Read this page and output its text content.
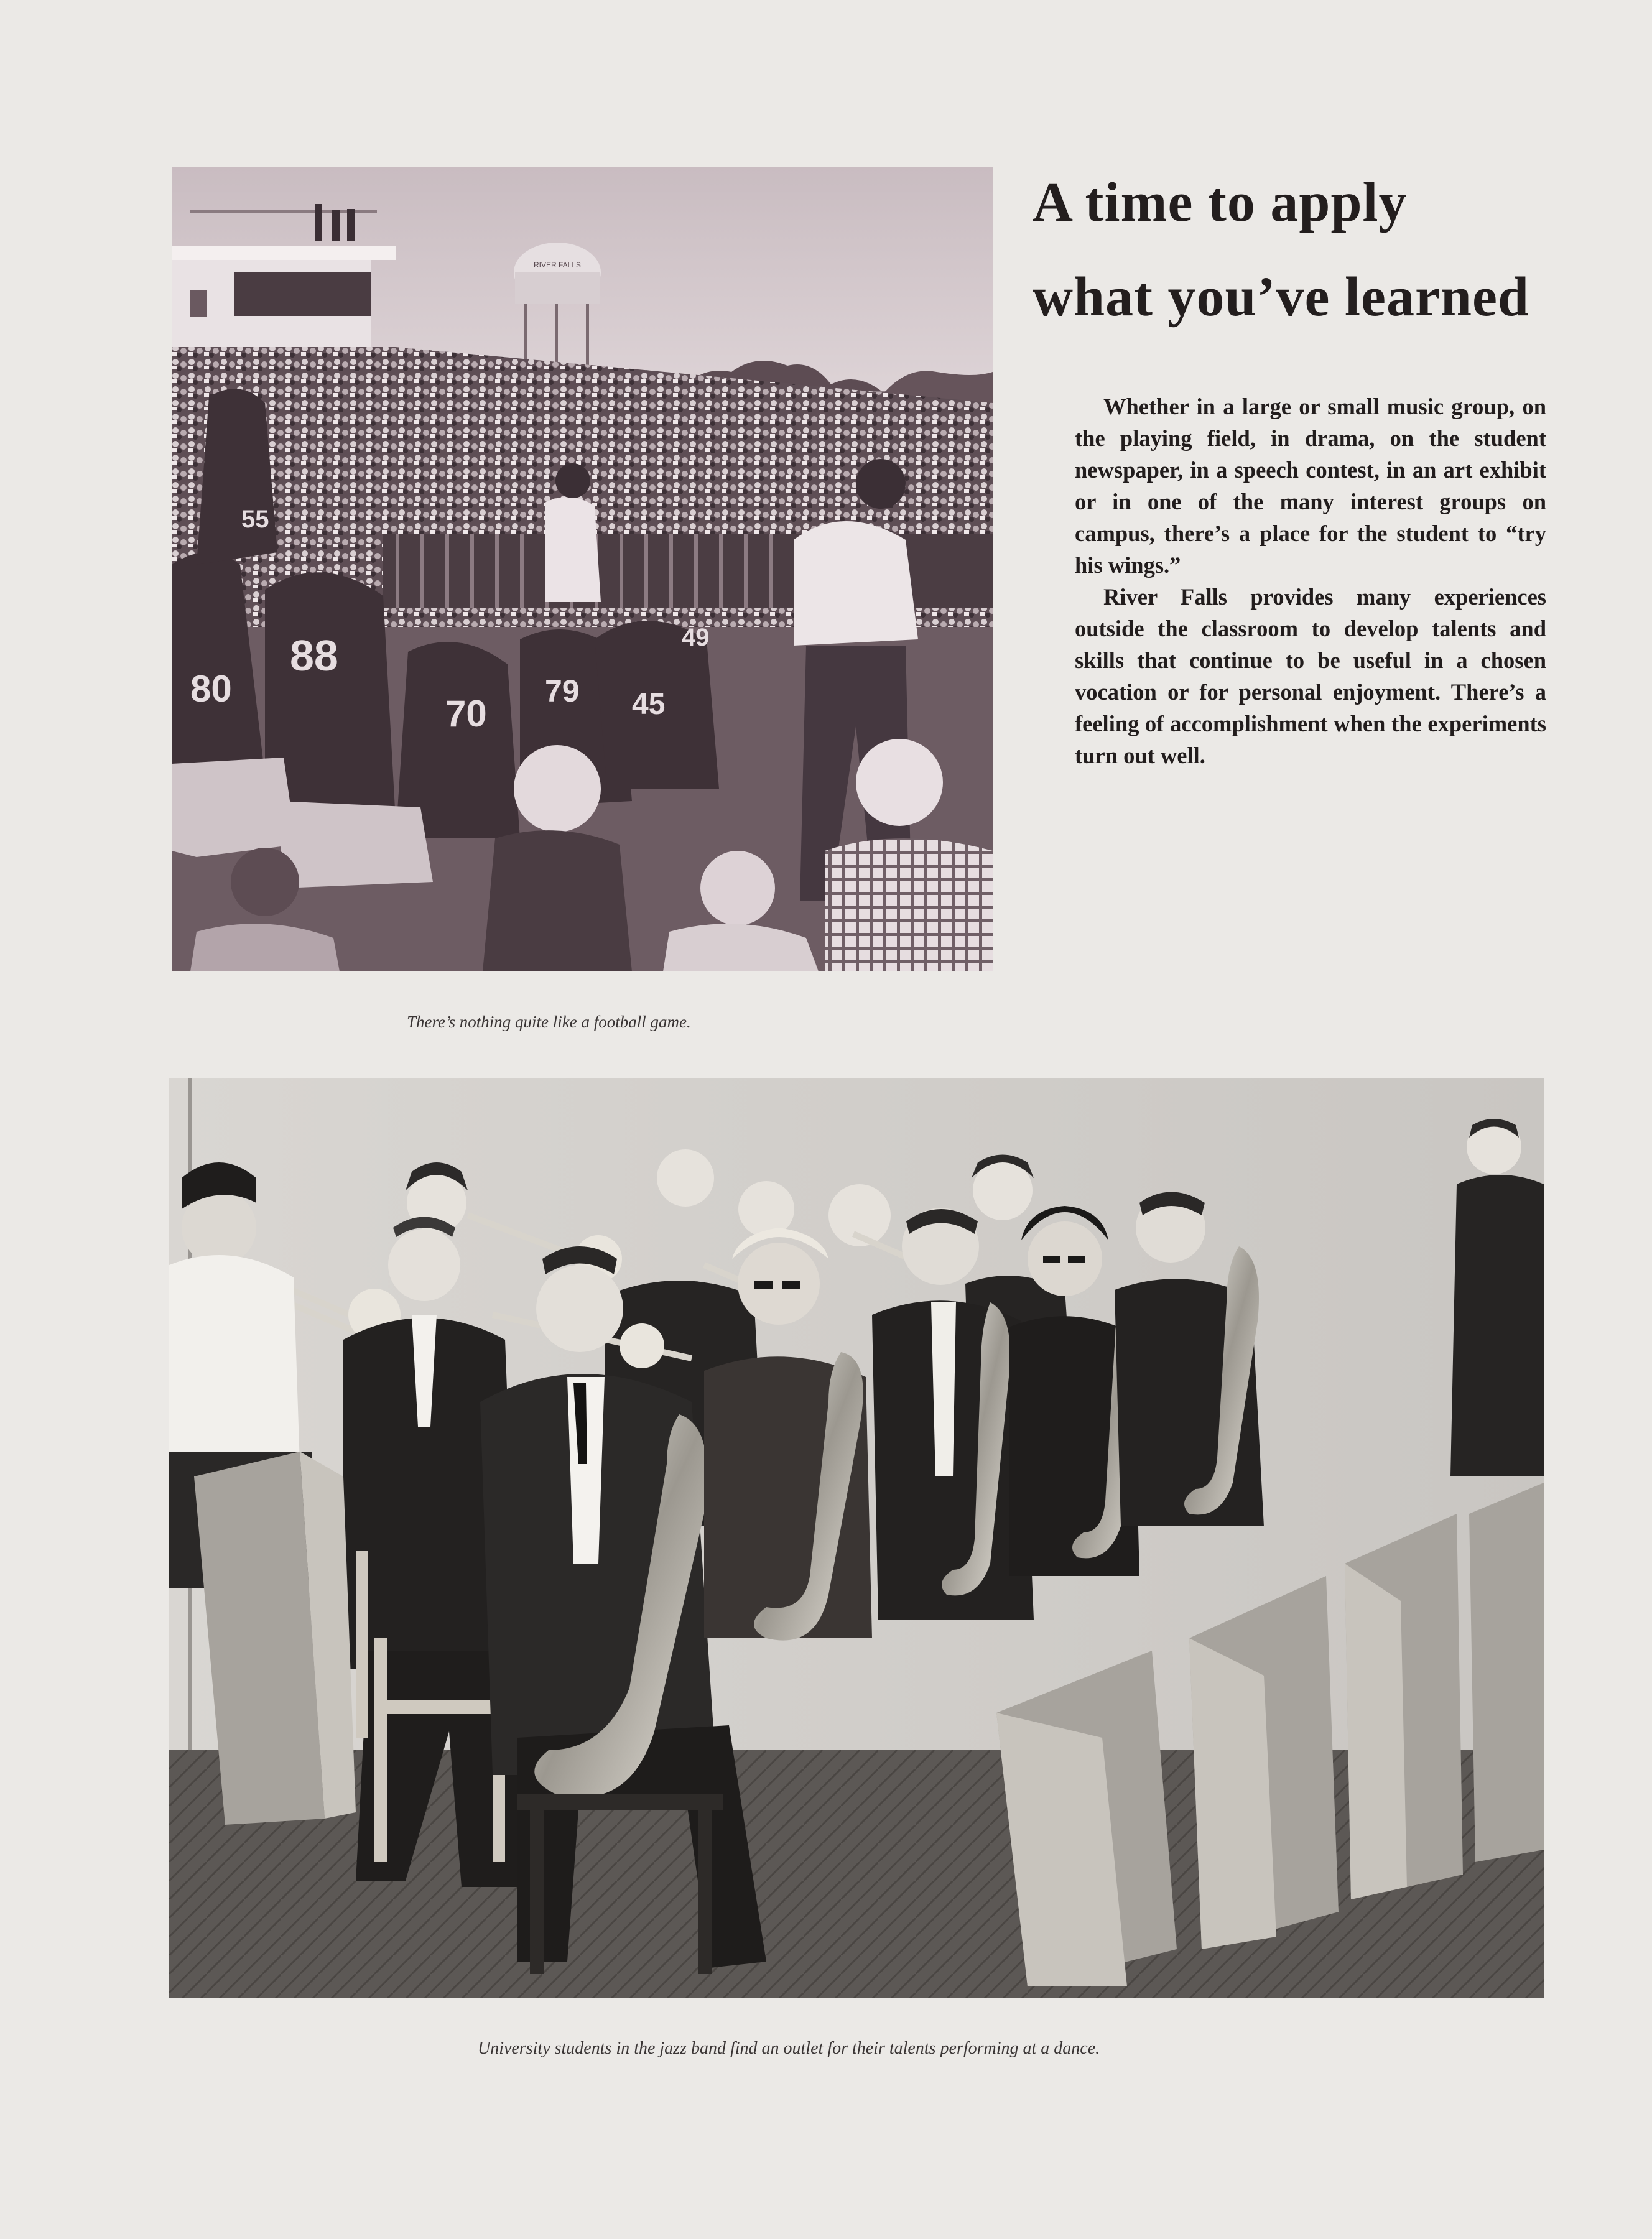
RIVER FALLS
80
88
70
79 45
49
55
A time to apply
what you’ve learned

Whether in a large or small music group, on the playing field, in drama, on the student newspaper, in a speech contest, in an art exhibit or in one of the many interest groups on campus, there’s a place for the student to “try his wings.”

River Falls provides many experiences outside the classroom to develop talents and skills that continue to be useful in a chosen vocation or for personal enjoyment. There’s a feeling of accomplishment when the experiments turn out well.

There’s nothing quite like a football game.
University students in the jazz band find an outlet for their talents performing at a dance.
